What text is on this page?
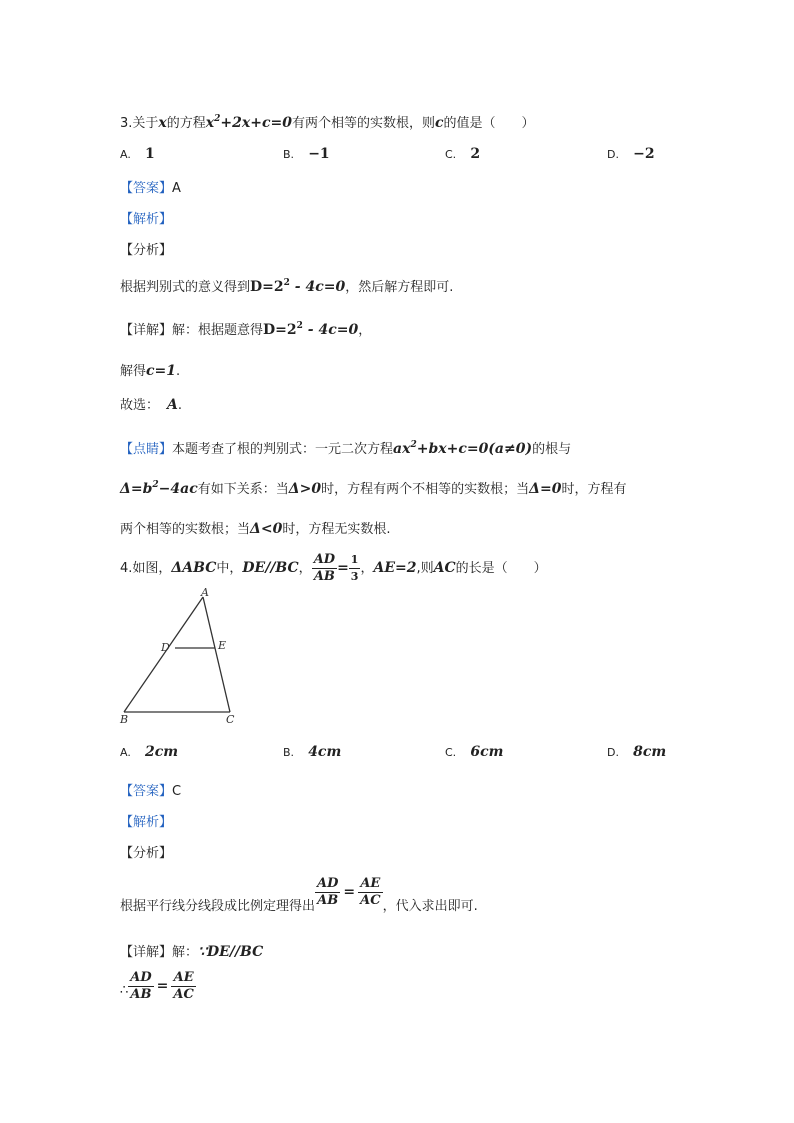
3.关于x的方程$x^2+2x+c=0$有两个相等的实数根，则c的值是（　　）
A. 1	B. −1	C. 2	D. −2
【答案】A
【解析】
【分析】
根据判别式的意义得到$D=2^2 - 4c=0$，然后解方程即可.
【详解】解：根据题意得$D=2^2 - 4c=0$，
解得c=1.
故选： A.
【点睛】本题考查了根的判别式：一元二次方程$ax^2+bx+c=0(a\ne 0)$的根与
$\Delta=b^2-4ac$有如下关系：当Δ>0时，方程有两个不相等的实数根；当Δ=0时，方程有
两个相等的实数根；当Δ<0时，方程无实数根.
4.如图，ΔABC中，DE//BC， $\frac{AD}{AB} = \frac{1}{3}$ ，AE=2,则AC的长是（　　）
A
D	E
B	C
A. 2cm	B. 4cm	C. 6cm	D. 8cm
【答案】C
【解析】
【分析】
根据平行线分线段成比例定理得出 $\frac{AD}{AB} = \frac{AE}{AC}$ ，代入求出即可.
【详解】解：∵DE//BC
∴ $\frac{AD}{AB} = \frac{AE}{AC}$
